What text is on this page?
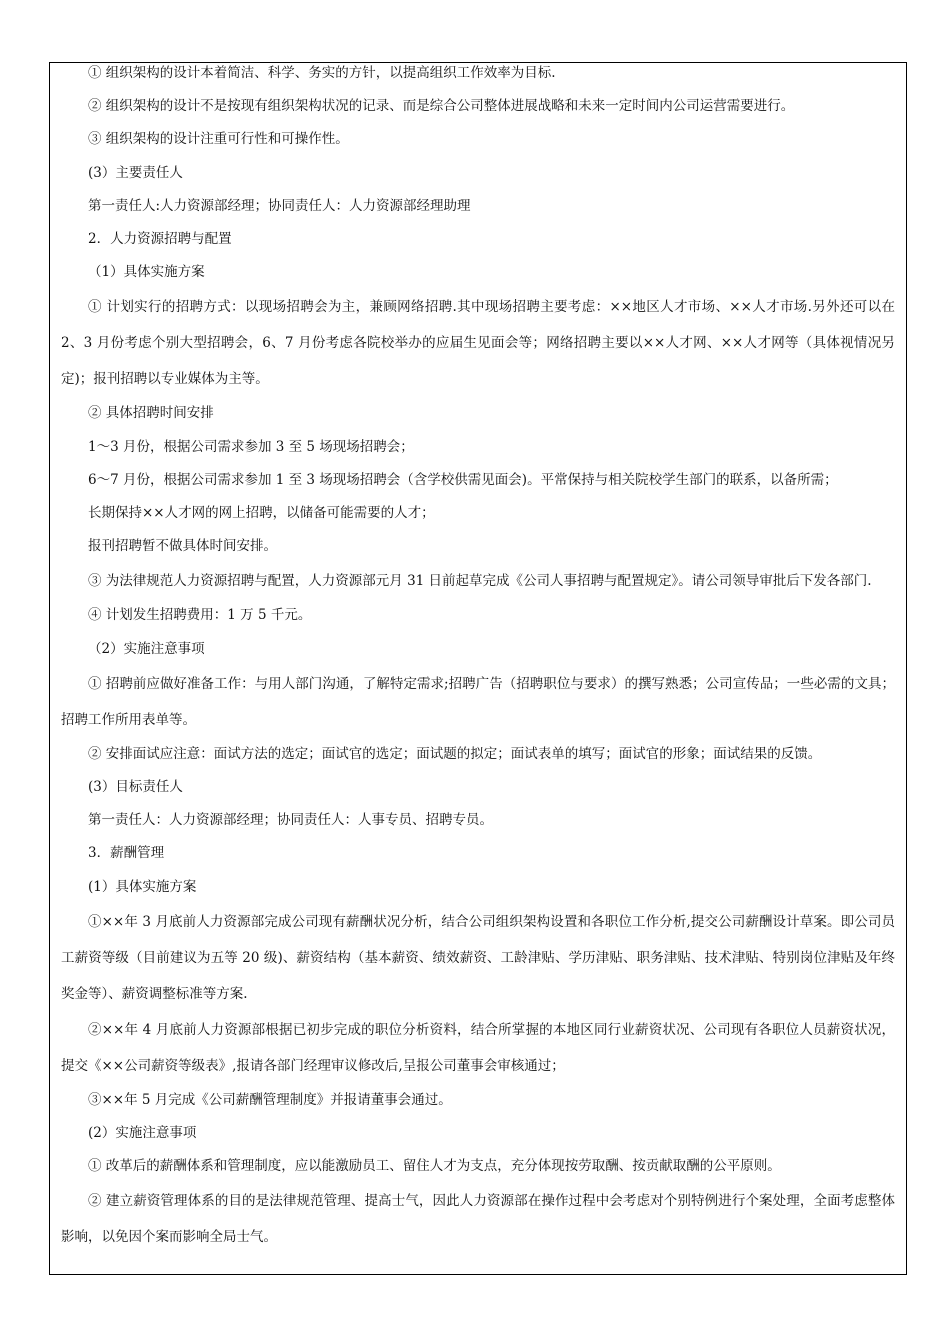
① 组织架构的设计本着简洁、科学、务实的方针，以提高组织工作效率为目标.

② 组织架构的设计不是按现有组织架构状况的记录、而是综合公司整体进展战略和未来一定时间内公司运营需要进行。

③ 组织架构的设计注重可行性和可操作性。

(3）主要责任人

第一责任人:人力资源部经理；协同责任人：人力资源部经理助理

2．人力资源招聘与配置

（1）具体实施方案

① 计划实行的招聘方式：以现场招聘会为主，兼顾网络招聘.其中现场招聘主要考虑：××地区人才市场、××人才市场.另外还可以在 2、3 月份考虑个别大型招聘会，6、7 月份考虑各院校举办的应届生见面会等；网络招聘主要以××人才网、××人才网等（具体视情况另定)；报刊招聘以专业媒体为主等。

② 具体招聘时间安排

1～3 月份，根据公司需求参加 3 至 5 场现场招聘会；

6～7 月份，根据公司需求参加 1 至 3 场现场招聘会（含学校供需见面会)。平常保持与相关院校学生部门的联系，以备所需；

长期保持××人才网的网上招聘，以储备可能需要的人才；

报刊招聘暂不做具体时间安排。

③ 为法律规范人力资源招聘与配置，人力资源部元月 31 日前起草完成《公司人事招聘与配置规定》。请公司领导审批后下发各部门.

④ 计划发生招聘费用：1 万 5 千元。

（2）实施注意事项

① 招聘前应做好准备工作：与用人部门沟通，了解特定需求;招聘广告（招聘职位与要求）的撰写熟悉；公司宣传品；一些必需的文具；招聘工作所用表单等。

② 安排面试应注意：面试方法的选定；面试官的选定；面试题的拟定；面试表单的填写；面试官的形象；面试结果的反馈。

(3）目标责任人

第一责任人：人力资源部经理；协同责任人：人事专员、招聘专员。

3．薪酬管理

(1）具体实施方案

①××年 3 月底前人力资源部完成公司现有薪酬状况分析，结合公司组织架构设置和各职位工作分析,提交公司薪酬设计草案。即公司员工薪资等级（目前建议为五等 20 级)、薪资结构（基本薪资、绩效薪资、工龄津贴、学历津贴、职务津贴、技术津贴、特别岗位津贴及年终奖金等）、薪资调整标准等方案.

②××年 4 月底前人力资源部根据已初步完成的职位分析资料，结合所掌握的本地区同行业薪资状况、公司现有各职位人员薪资状况，提交《××公司薪资等级表》,报请各部门经理审议修改后,呈报公司董事会审核通过；

③××年 5 月完成《公司薪酬管理制度》并报请董事会通过。

(2）实施注意事项

① 改革后的薪酬体系和管理制度，应以能激励员工、留住人才为支点，充分体现按劳取酬、按贡献取酬的公平原则。

② 建立薪资管理体系的目的是法律规范管理、提高士气，因此人力资源部在操作过程中会考虑对个别特例进行个案处理，全面考虑整体影响，以免因个案而影响全局士气。
